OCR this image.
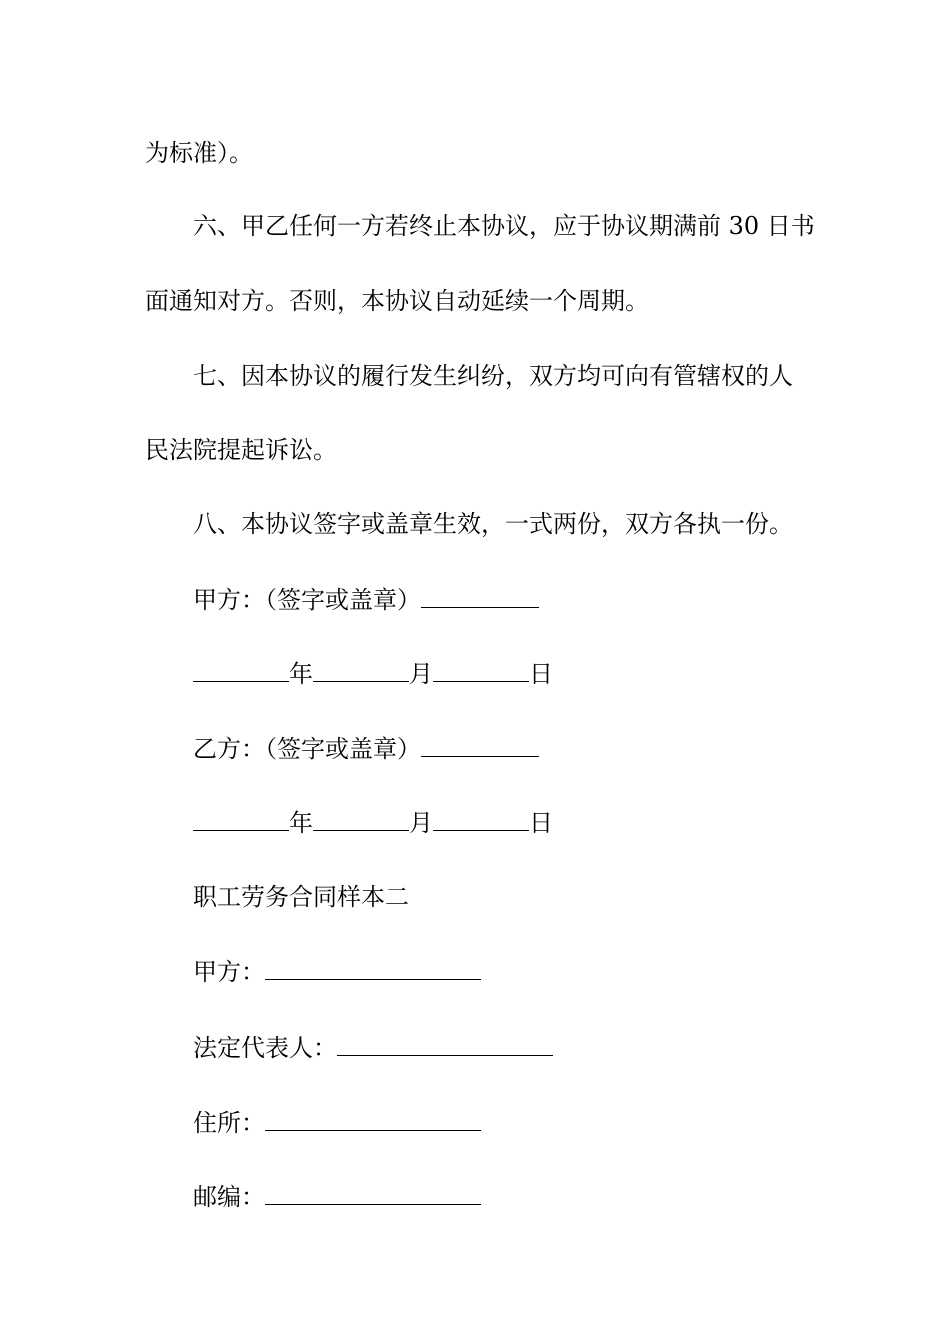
为标准）。
六、甲乙任何一方若终止本协议，应于协议期满前 30 日书
面通知对方。否则，本协议自动延续一个周期。
七、因本协议的履行发生纠纷，双方均可向有管辖权的人
民法院提起诉讼。
八、本协议签字或盖章生效，一式两份，双方各执一份。
甲方：（签字或盖章）
年	月	日
乙方：（签字或盖章）
年	月	日
职工劳务合同样本二
甲方：
法定代表人：
住所：
邮编：
